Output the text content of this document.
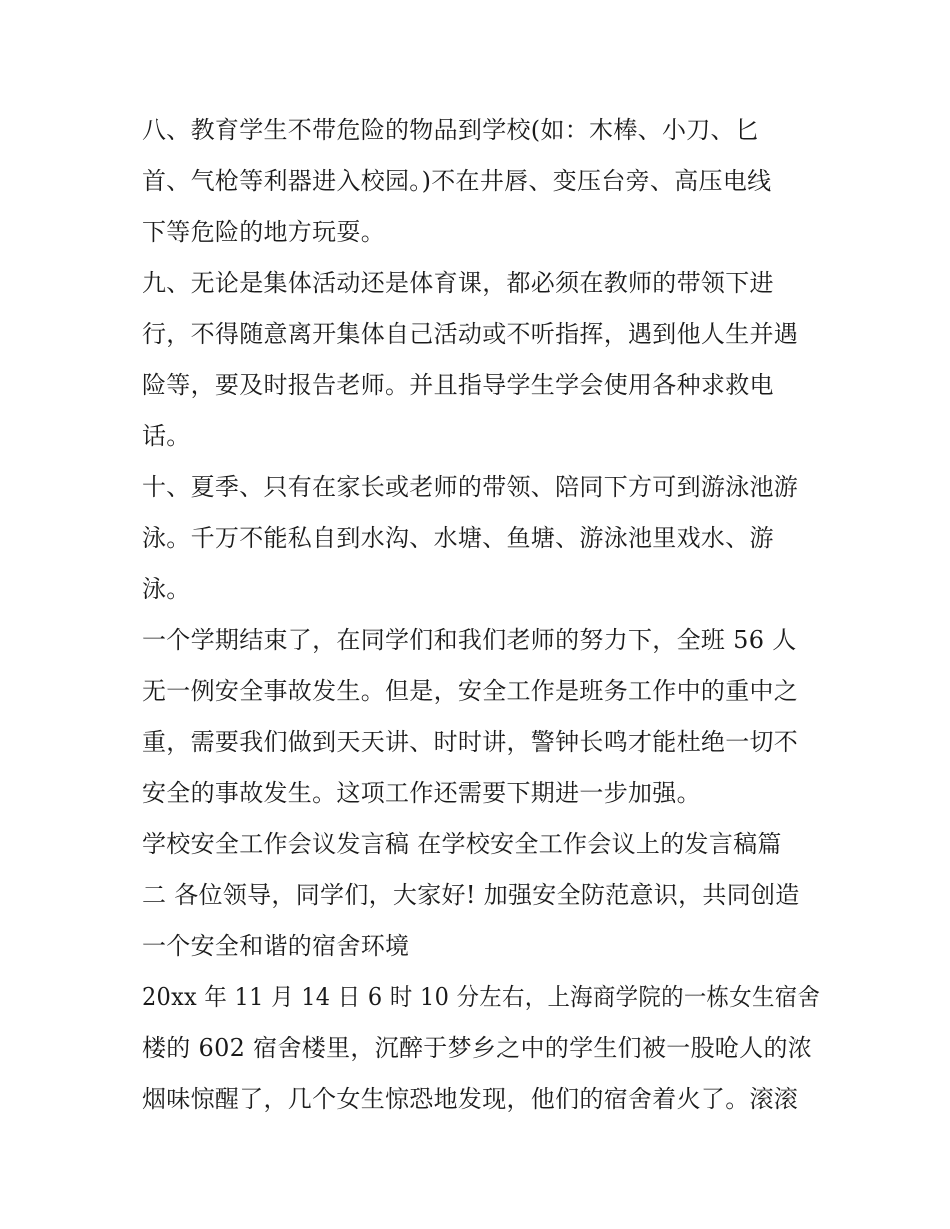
八、教育学生不带危险的物品到学校(如：木棒、小刀、匕
首、气枪等利器进入校园。)不在井唇、变压台旁、高压电线
下等危险的地方玩耍。
九、无论是集体活动还是体育课，都必须在教师的带领下进
行，不得随意离开集体自己活动或不听指挥，遇到他人生并遇
险等，要及时报告老师。并且指导学生学会使用各种求救电
话。
十、夏季、只有在家长或老师的带领、陪同下方可到游泳池游
泳。千万不能私自到水沟、水塘、鱼塘、游泳池里戏水、游
泳。
一个学期结束了，在同学们和我们老师的努力下，全班 56 人
无一例安全事故发生。但是，安全工作是班务工作中的重中之
重，需要我们做到天天讲、时时讲，警钟长鸣才能杜绝一切不
安全的事故发生。这项工作还需要下期进一步加强。
学校安全工作会议发言稿 在学校安全工作会议上的发言稿篇
二 各位领导，同学们，大家好! 加强安全防范意识，共同创造
一个安全和谐的宿舍环境
20xx 年 11 月 14 日 6 时 10 分左右，上海商学院的一栋女生宿舍
楼的 602 宿舍楼里，沉醉于梦乡之中的学生们被一股呛人的浓
烟味惊醒了，几个女生惊恐地发现，他们的宿舍着火了。滚滚
